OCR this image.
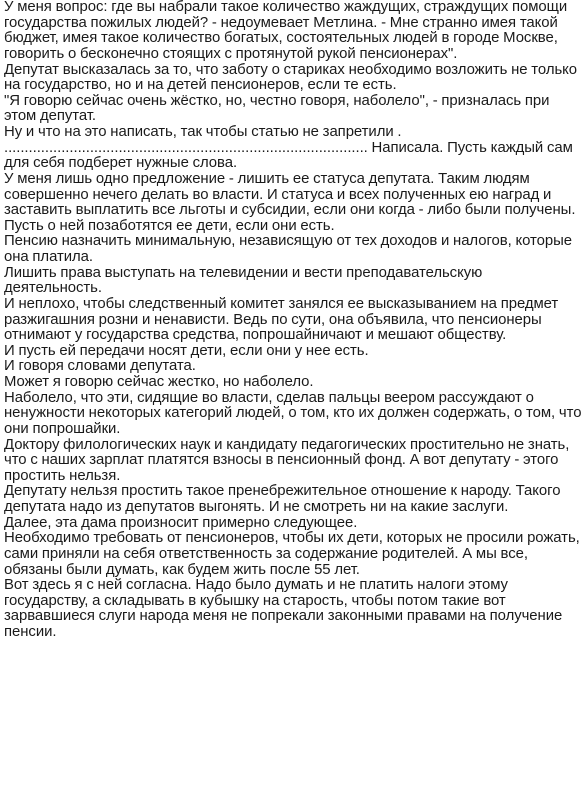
У меня вопрос: где вы набрали такое количество жаждущих, страждущих помощи государства пожилых людей? - недоумевает Метлина. - Мне странно имея такой бюджет, имея такое количество богатых, состоятельных людей в городе Москве, говорить о бесконечно стоящих с протянутой рукой пенсионерах".

Депутат высказалась за то, что заботу о стариках необходимо возложить не только на государство, но и на детей пенсионеров, если те есть.

"Я говорю сейчас очень жёстко, но, честно говоря, наболело", - призналась при этом депутат.

Ну и что на это написать, так чтобы статью не запретили .

......................................................................................... Написала. Пусть каждый сам для себя подберет нужные слова.

У меня лишь одно предложение - лишить ее статуса депутата. Таким людям совершенно нечего делать во власти. И статуса и всех полученных ею наград и заставить выплатить все льготы и субсидии, если они когда - либо были получены.

Пусть о ней позаботятся ее дети, если они есть.

Пенсию назначить минимальную, независящую от тех доходов и налогов, которые она платила.

Лишить права выступать на телевидении и вести преподавательскую деятельность.

И неплохо, чтобы следственный комитет занялся ее высказыванием на предмет разжигашния розни и ненависти. Ведь по сути, она объявила, что пенсионеры отнимают у государства средства, попрошайничают и мешают обществу.

И пусть ей передачи носят дети, если они у нее есть.

И говоря словами депутата.

Может я говорю сейчас жестко, но наболело.

Наболело, что эти, сидящие во власти, сделав пальцы веером рассуждают о ненужности некоторых категорий людей, о том, кто их должен содержать, о том, что они попрошайки.

Доктору филологических наук и кандидату педагогических простительно не знать, что с наших зарплат платятся взносы в пенсионный фонд. А вот депутату - этого простить нельзя.

Депутату нельзя простить такое пренебрежительное отношение к народу. Такого депутата надо из депутатов выгонять. И не смотреть ни на какие заслуги.

Далее, эта дама произносит примерно следующее.

Необходимо требовать от пенсионеров, чтобы их дети, которых не просили рожать, сами приняли на себя ответственность за содержание родителей. А мы все, обязаны были думать, как будем жить после 55 лет.

Вот здесь я с ней согласна. Надо было думать и не платить налоги этому государству, а складывать в кубышку на старость, чтобы потом такие вот зарвавшиеся слуги народа меня не попрекали законными правами на получение пенсии.
